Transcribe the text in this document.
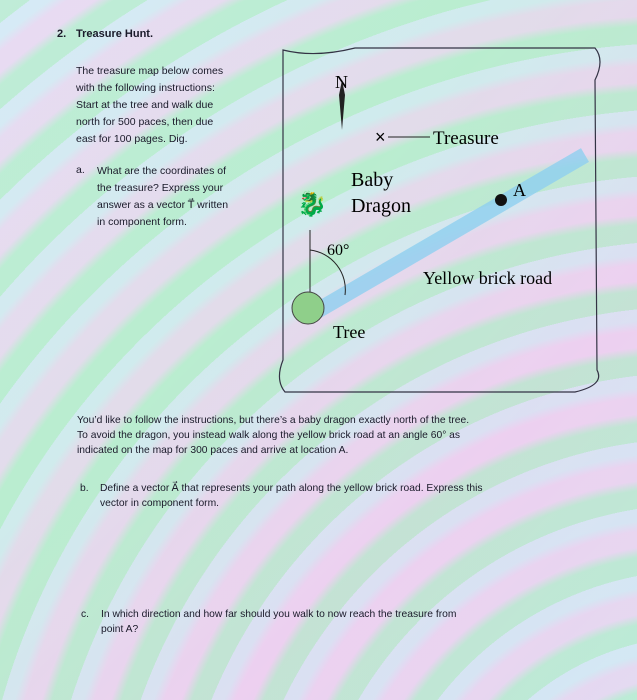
2. Treasure Hunt.
The treasure map below comes
with the following instructions:
Start at the tree and walk due
north for 500 paces, then due
east for 100 pages. Dig.
a. What are the coordinates of
the treasure? Express your
answer as a vector T⃗ written
in component form.
N
× Treasure
🐉
Baby
Dragon
A
60°
Yellow brick road
Tree
You’d like to follow the instructions, but there’s a baby dragon exactly north of the tree.
To avoid the dragon, you instead walk along the yellow brick road at an angle 60° as
indicated on the map for 300 paces and arrive at location A.
b. Define a vector A⃗ that represents your path along the yellow brick road. Express this
vector in component form.
c. In which direction and how far should you walk to now reach the treasure from
point A?
